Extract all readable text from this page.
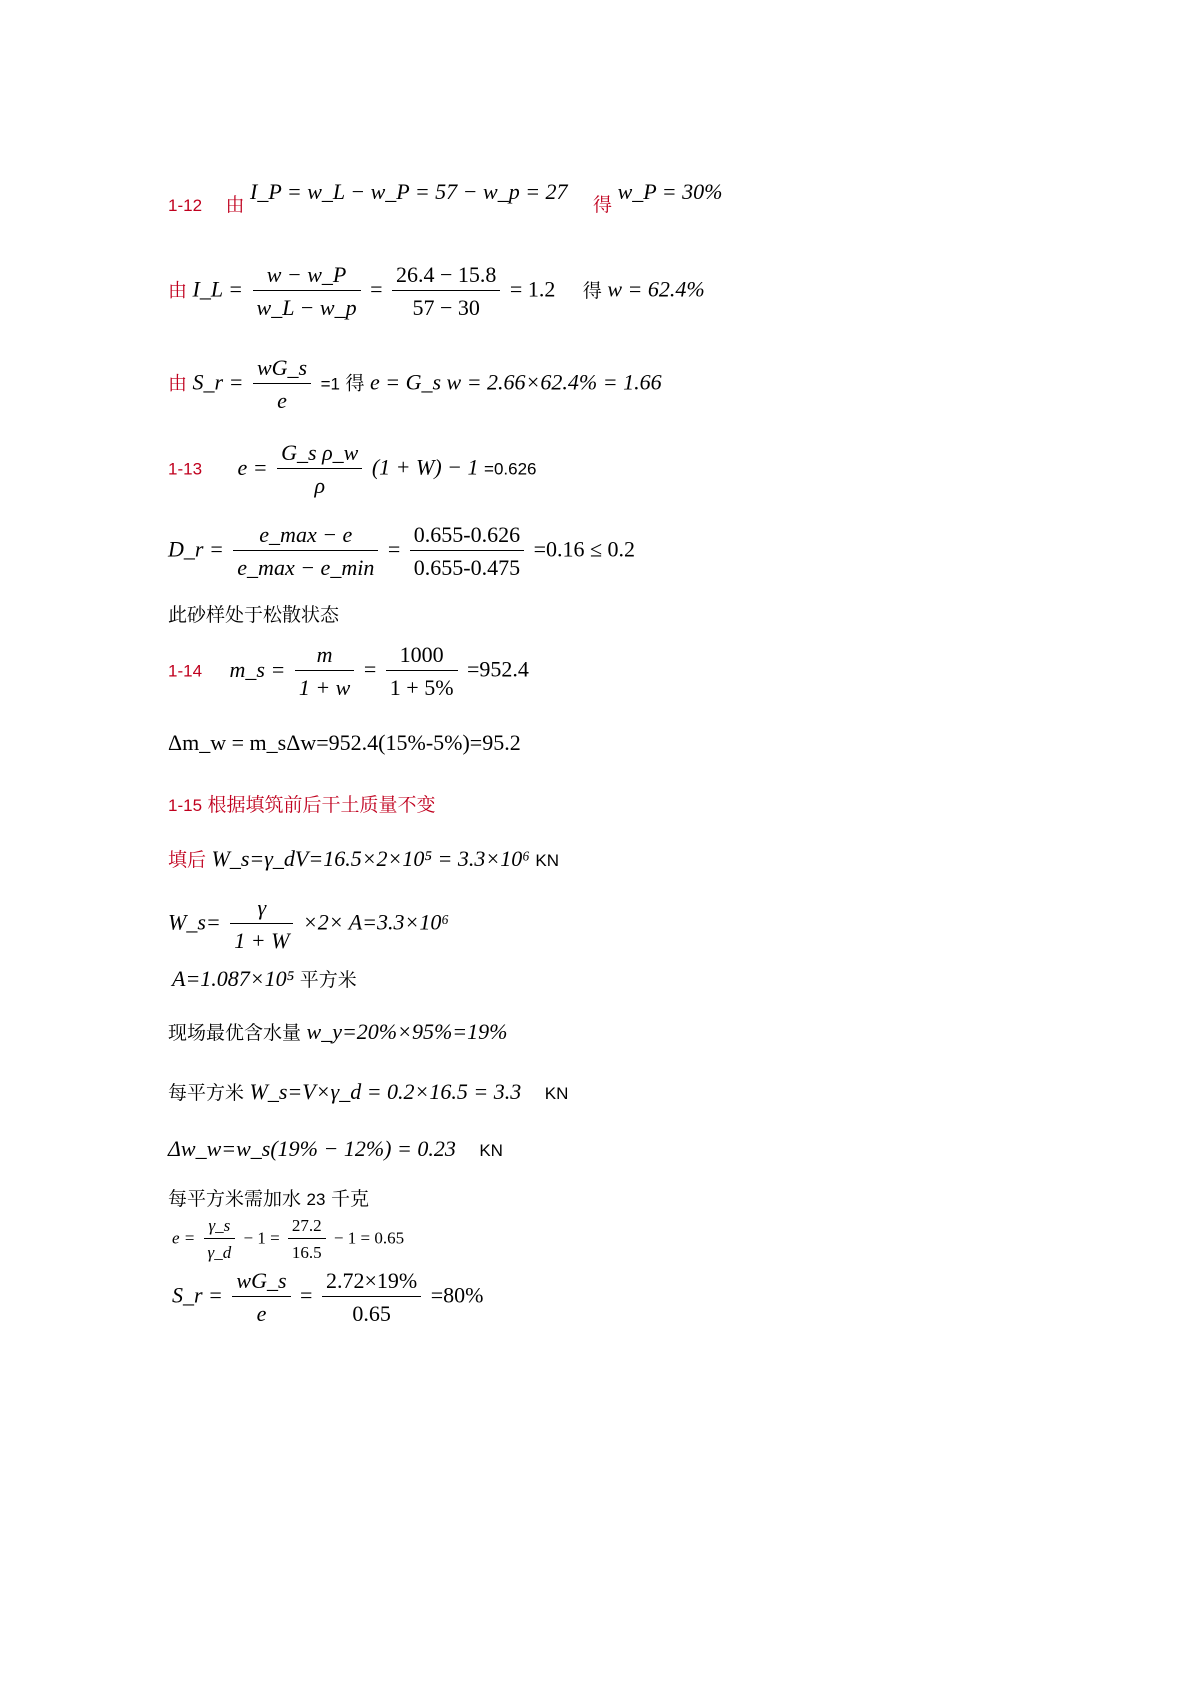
1-12 由 I_P = w_L − w_P = 57 − w_p = 27 得 w_P = 30%
由 I_L = $\frac{w - w\_P}{w\_L - w\_p} = \frac{26.4 - 15.8}{57 - 30} = 1.2$ 得 w = 62.4%
由 S_r = $\frac{wG\_s}{e} =1$ 得 e = G_s w = 2.66×62.4% = 1.66
1-13 $e = \frac{\text{G\_s ρ\_w}}{\rho} (1 + W) - 1 =0.626$
D_r = $\frac{e\_\max - e}{e\_\max - e\_\min} = \frac{0.655-0.626}{0.655-0.475} =0.16 \le 0.2$
此砂样处于松散状态
1-14 m_s = $\frac{m}{1 + w} = \frac{1000}{1 + 5\%} =952.4$
Δm_w = m_sΔw=952.4(15%-5%)=95.2
1-15 根据填筑前后干土质量不变
填后 W_s=γ_dV=16.5×2×10⁵ = 3.3×10⁶ KN
W_s= $\frac{\gamma}{1 + W} \times 2\times A=3.3\times 10^6$
A=1.087×10⁵ 平方米
现场最优含水量 w_y=20%×95%=19%
每平方米 W_s=V×γ_d = 0.2×16.5 = 3.3 KN
Δw_w=w_s(19% − 12%) = 0.23 KN
每平方米需加水 23 千克
$e = \frac{\gamma\_s}{\gamma\_d} - 1 = \frac{27.2}{16.5} - 1 = 0.65$
S_r = $\frac{wG\_s}{e} = \frac{2.72\times 19\%}{0.65} =80\%$
